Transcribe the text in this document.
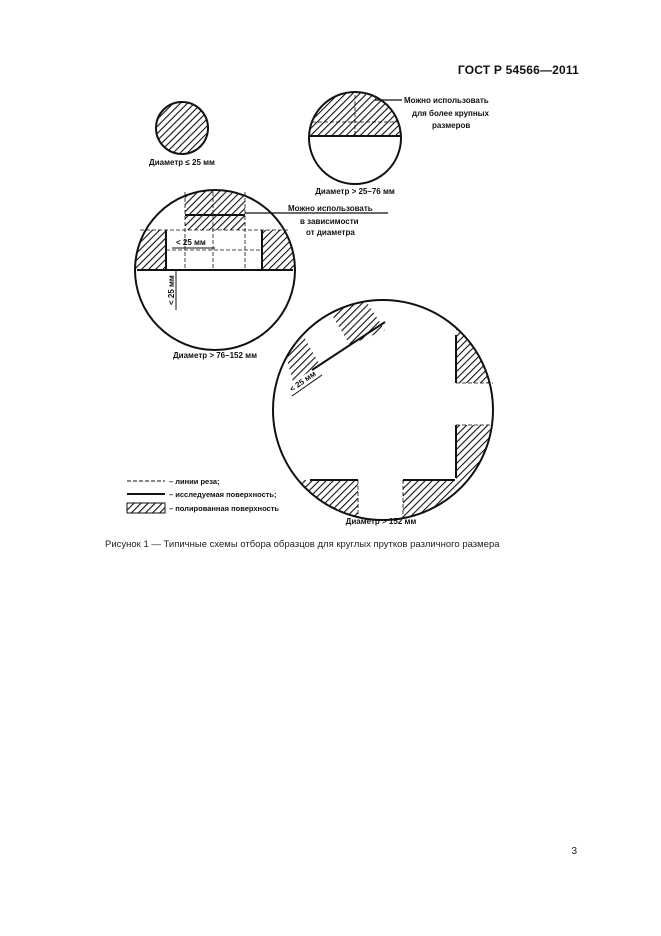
ГОСТ Р 54566—2011
Диаметр ≤ 25 мм
Можно использовать
для более крупных
размеров
Диаметр > 25–76 мм
< 25 мм
< 25 мм
Можно использовать
в зависимости
от диаметра
Диаметр > 76–152 мм
< 25 мм
Диаметр > 152 мм
– линии реза;
– исследуемая поверхность;
– полированная поверхность
Рисунок 1 — Типичные схемы отбора образцов для круглых прутков различного размера
3
